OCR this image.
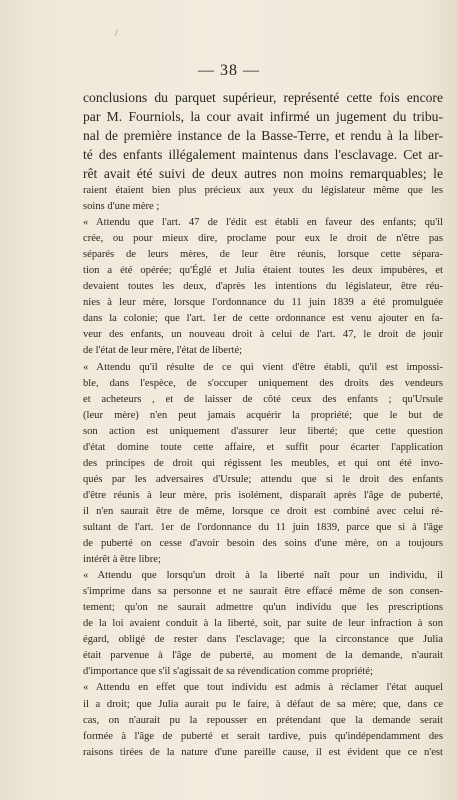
/
— 38 —
conclusions du parquet supérieur, représenté cette fois encore
par M. Fourniols, la cour avait infirmé un jugement du tribu-
nal de première instance de la Basse-Terre, et rendu à la liber-
té des enfants illégalement maintenus dans l'esclavage. Cet ar-
rêt avait été suivi de deux autres non moins remarquables; le
raient étaient bien plus précieux aux yeux du législateur même que les
soins d'une mère ;
« Attendu que l'art. 47 de l'édit est établi en faveur des enfants; qu'il
crée, ou pour mieux dire, proclame pour eux le droit de n'être pas
séparés de leurs mères, de leur être réunis, lorsque cette sépara-
tion a été opérée; qu'Églé et Julia étaient toutes les deux impubères, et
devaient toutes les deux, d'après les intentions du législateur, être réu-
nies à leur mère, lorsque l'ordonnance du 11 juin 1839 a été promulguée
dans la colonie; que l'art. 1er de cette ordonnance est venu ajouter en fa-
veur des enfants, un nouveau droit à celui de l'art. 47, le droit de jouir
de l'état de leur mère, l'état de liberté;
« Attendu qu'il résulte de ce qui vient d'être établi, qu'il est impossi-
ble, dans l'espèce, de s'occuper uniquement des droits des vendeurs
et acheteurs , et de laisser de côté ceux des enfants ; qu'Ursule
(leur mère) n'en peut jamais acquérir la propriété; que le but de
son action est uniquement d'assurer leur liberté; que cette question
d'état domine toute cette affaire, et suffit pour écarter l'application
des principes de droit qui régissent les meubles, et qui ont été invo-
qués par les adversaires d'Ursule; attendu que si le droit des enfants
d'être réunis à leur mère, pris isolément, disparaît après l'âge de puberté,
il n'en saurait être de même, lorsque ce droit est combiné avec celui ré-
sultant de l'art. 1er de l'ordonnance du 11 juin 1839, parce que si à l'âge
de puberté on cesse d'avoir besoin des soins d'une mère, on a toujours
intérêt à être libre;
« Attendu que lorsqu'un droit à la liberté naît pour un individu, il
s'imprime dans sa personne et ne saurait être effacé même de son consen-
tement; qu'on ne saurait admettre qu'un individu que les prescriptions
de la loi avaient conduit à la liberté, soit, par suite de leur infraction à son
égard, obligé de rester dans l'esclavage; que la circonstance que Julia
était parvenue à l'âge de puberté, au moment de la demande, n'aurait
d'importance que s'il s'agissait de sa révendication comme propriété;
« Attendu en effet que tout individu est admis à réclamer l'état auquel
il a droit; que Julia aurait pu le faire, à défaut de sa mère; que, dans ce
cas, on n'aurait pu la repousser en prétendant que la demande serait
formée à l'âge de puberté et serait tardive, puis qu'indépendamment des
raisons tirées de la nature d'une pareille cause, il est évident que ce n'est
